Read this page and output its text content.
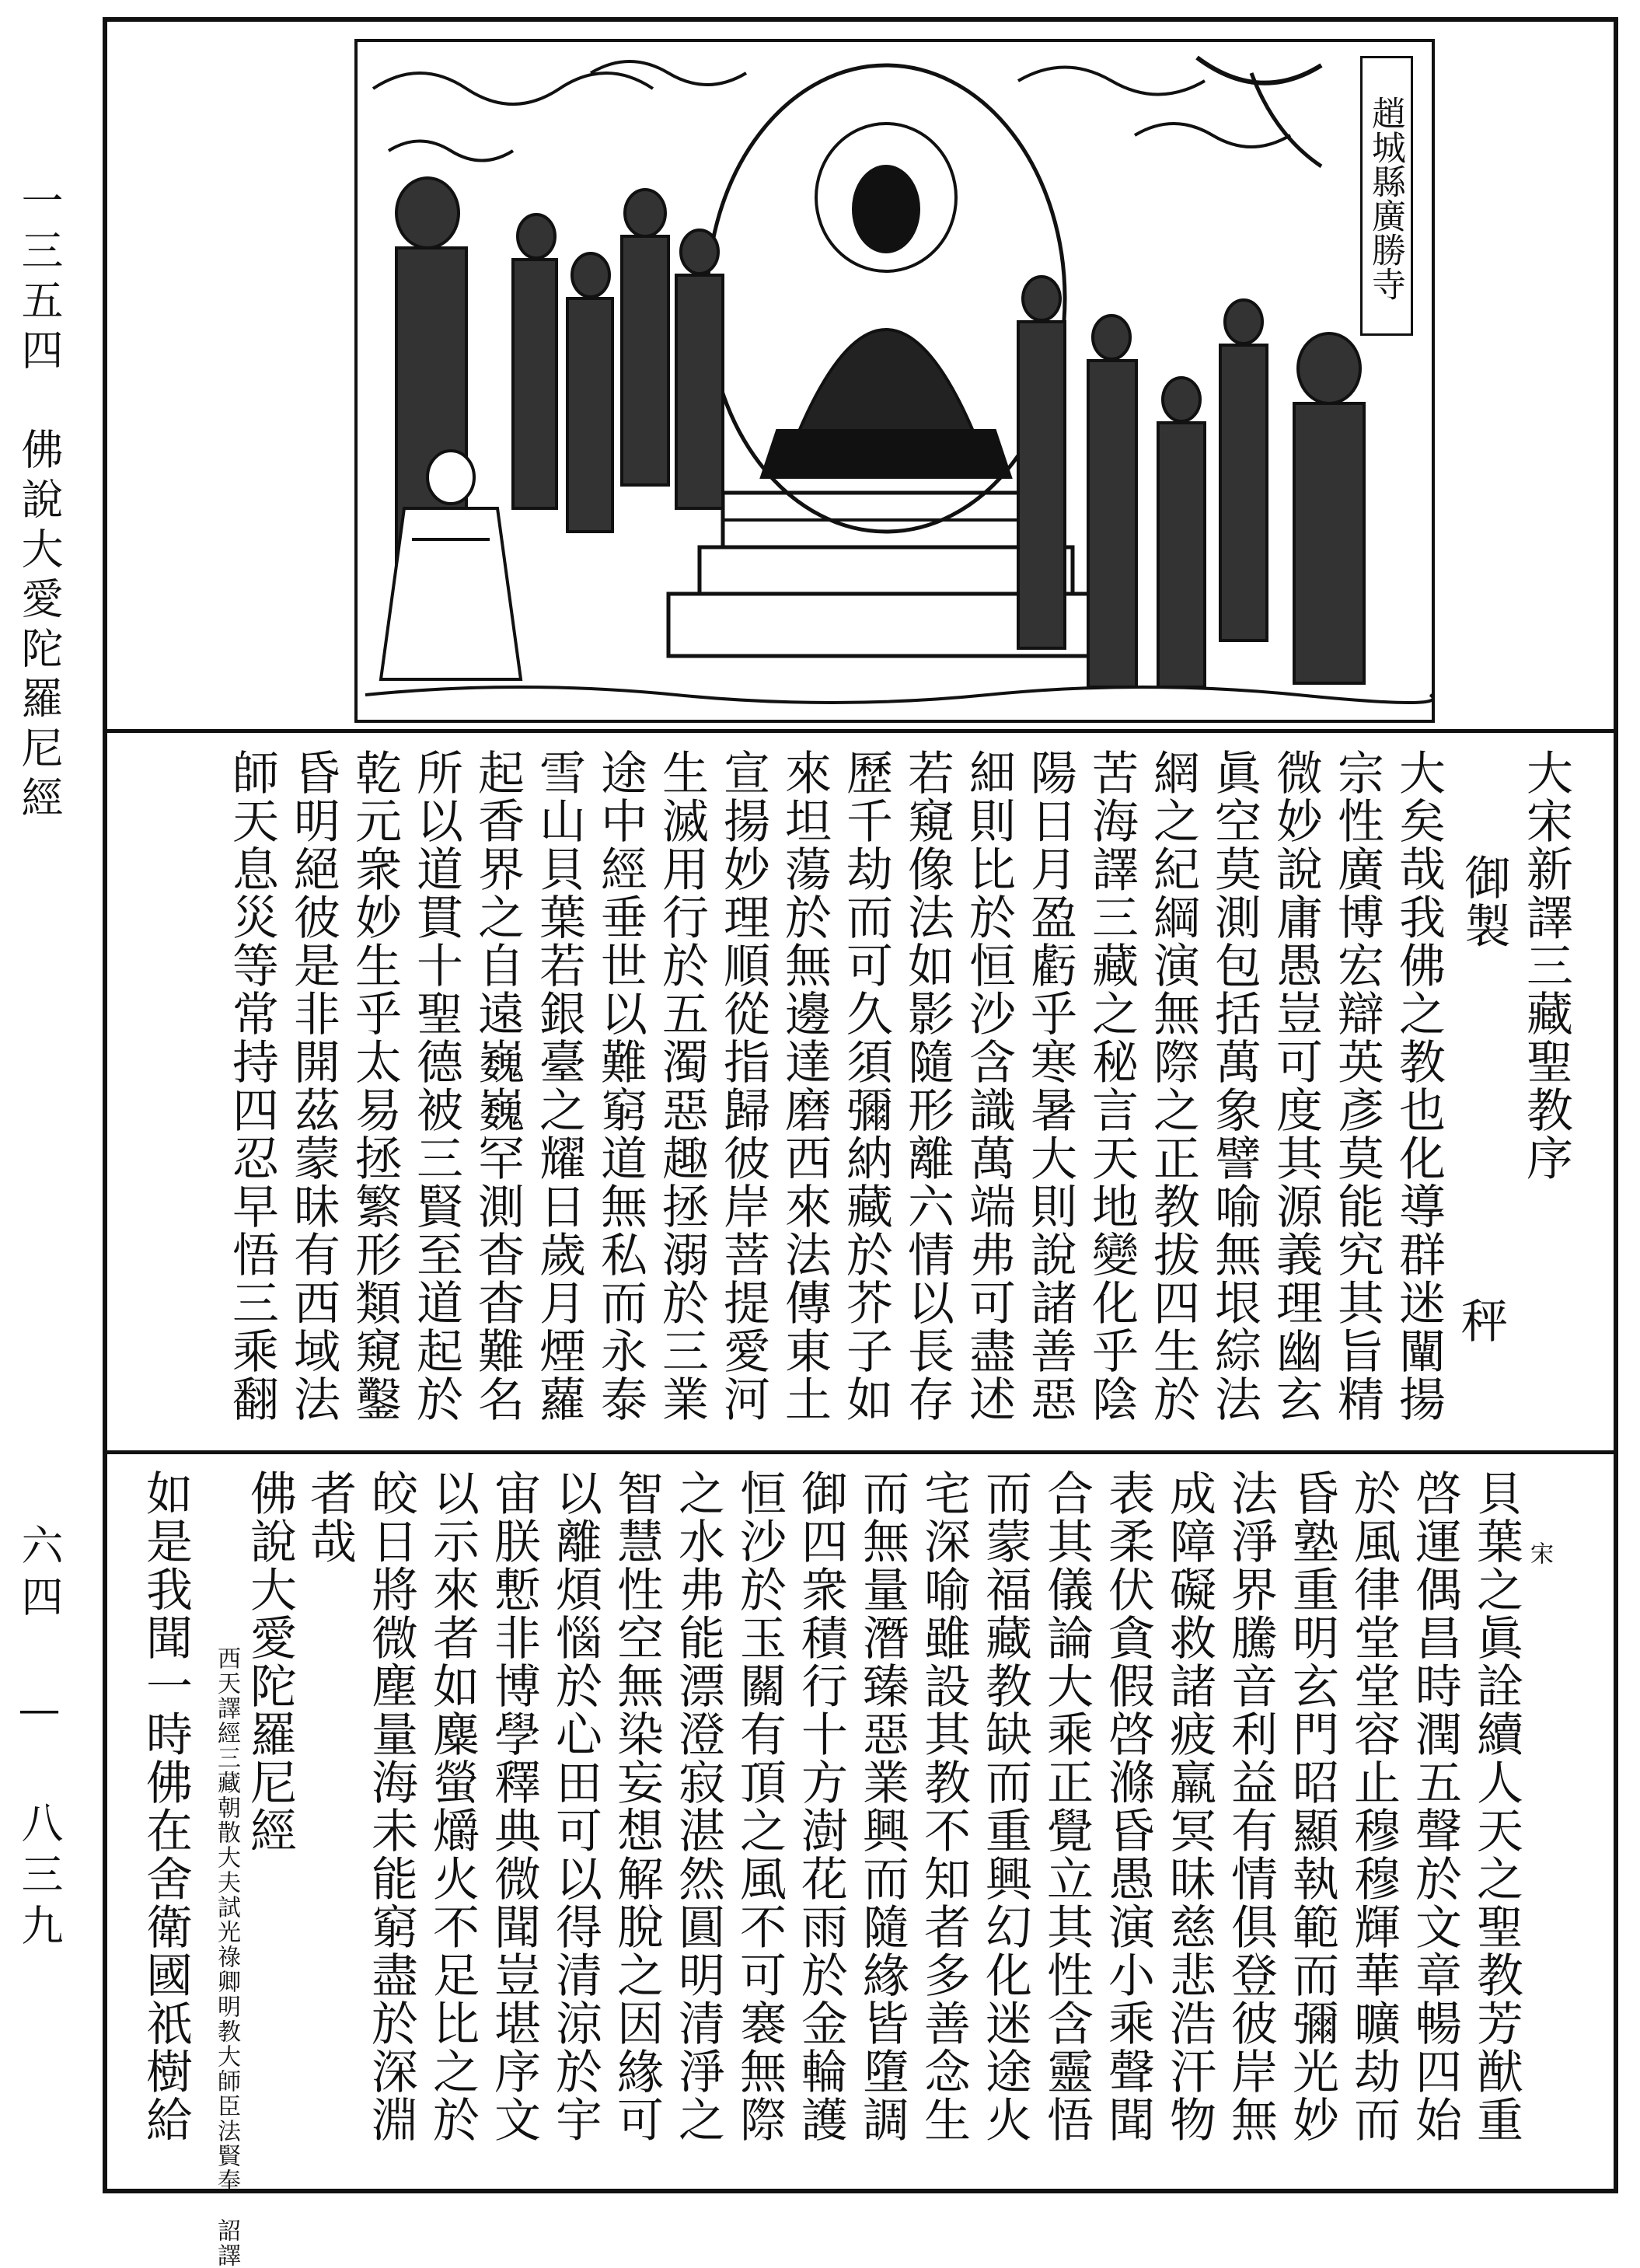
一三五四　佛說大愛陀羅尼經
六四 — 八三九
趙城縣廣勝寺
大宋新譯三藏聖教序
御製
秤
大矣哉我佛之教也化導群迷闡揚
宗性廣博宏辯英彥莫能究其旨精
微妙說庸愚豈可度其源義理幽玄
眞空莫測包括萬象譬喻無垠綜法
網之紀綱演無際之正教拔四生於
苦海譯三藏之秘言天地變化乎陰
陽日月盈虧乎寒暑大則說諸善惡
細則比於恒沙含識萬端弗可盡述
若窺像法如影隨形離六情以長存
歷千劫而可久須彌納藏於芥子如
來坦蕩於無邊達磨西來法傳東土
宣揚妙理順從指歸彼岸菩提愛河
生滅用行於五濁惡趣拯溺於三業
途中經垂世以難窮道無私而永泰
雪山貝葉若銀臺之耀日歲月煙蘿
起香界之自遠巍巍罕測杳杳難名
所以道貫十聖德被三賢至道起於
乾元衆妙生乎太易拯繁形類窺鑿
昏明絕彼是非開茲蒙昧有西域法
師天息災等常持四忍早悟三乘翻
宋
貝葉之眞詮續人天之聖教芳猷重
啓運偶昌時潤五聲於文章暢四始
於風律堂堂容止穆穆輝華曠劫而
昏塾重明玄門昭顯執範而彌光妙
法淨界騰音利益有情俱登彼岸無
成障礙救諸疲羸冥昧慈悲浩汗物
表柔伏貪假啓滌昏愚演小乘聲聞
合其儀論大乘正覺立其性含靈悟
而蒙福藏教缺而重興幻化迷途火
宅深喻雖設其教不知者多善念生
而無量潛臻惡業興而隨緣皆墮調
御四衆積行十方澍花雨於金輪護
恒沙於玉關有頂之風不可褰無際
之水弗能漂澄寂湛然圓明清淨之
智慧性空無染妄想解脫之因緣可
以離煩惱於心田可以得清涼於宇
宙朕慙非博學釋典微聞豈堪序文
以示來者如麋螢爝火不足比之於
皎日將微塵量海未能窮盡於深淵
者哉
佛說大愛陀羅尼經
西天譯經三藏朝散大夫試光祿卿明教大師臣法賢奉　詔譯
如是我聞一時佛在舍衛國祇樹給
